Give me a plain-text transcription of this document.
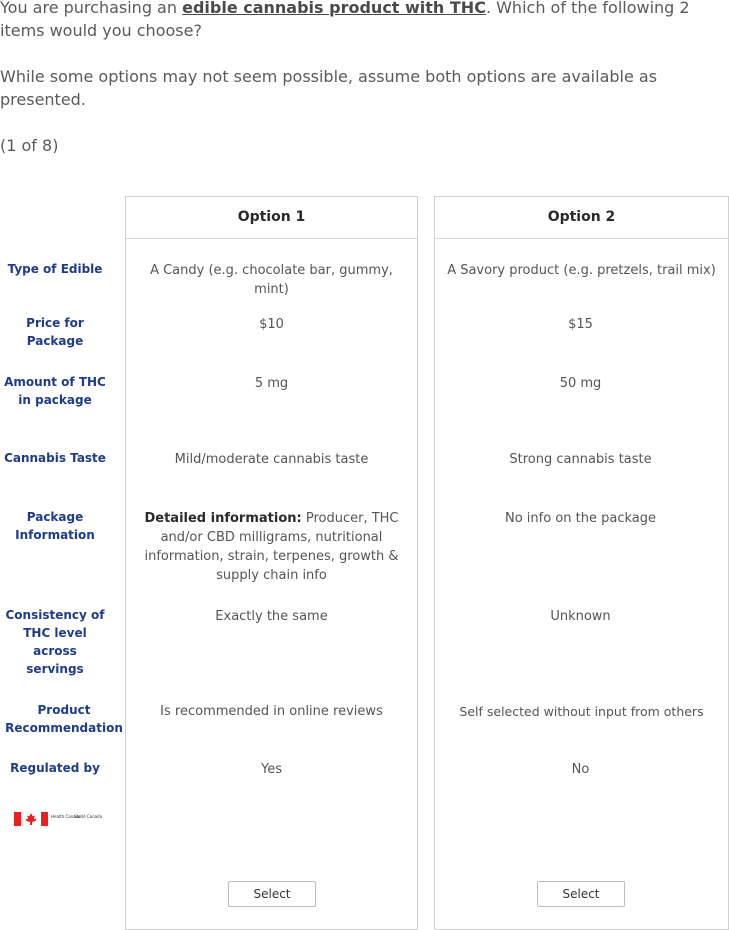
You are purchasing an edible cannabis product with THC. Which of the following 2 items would you choose?

While some options may not seem possible, assume both options are available as presented.

(1 of 8)

Type of Edible
Price for Package
Amount of THC in package
Cannabis Taste
Package Information
Consistency of THC level across servings
Product Recommendation
Regulated by
Health Canada
Santé Canada
Option 1
A Candy (e.g. chocolate bar, gummy, mint)
$10
5 mg
Mild/moderate cannabis taste
Detailed information: Producer, THC and/or CBD milligrams, nutritional information, strain, terpenes, growth & supply chain info
Exactly the same
Is recommended in online reviews
Yes
Select
Option 2
A Savory product (e.g. pretzels, trail mix)
$15
50 mg
Strong cannabis taste
No info on the package
Unknown
Self selected without input from others
No
Select
